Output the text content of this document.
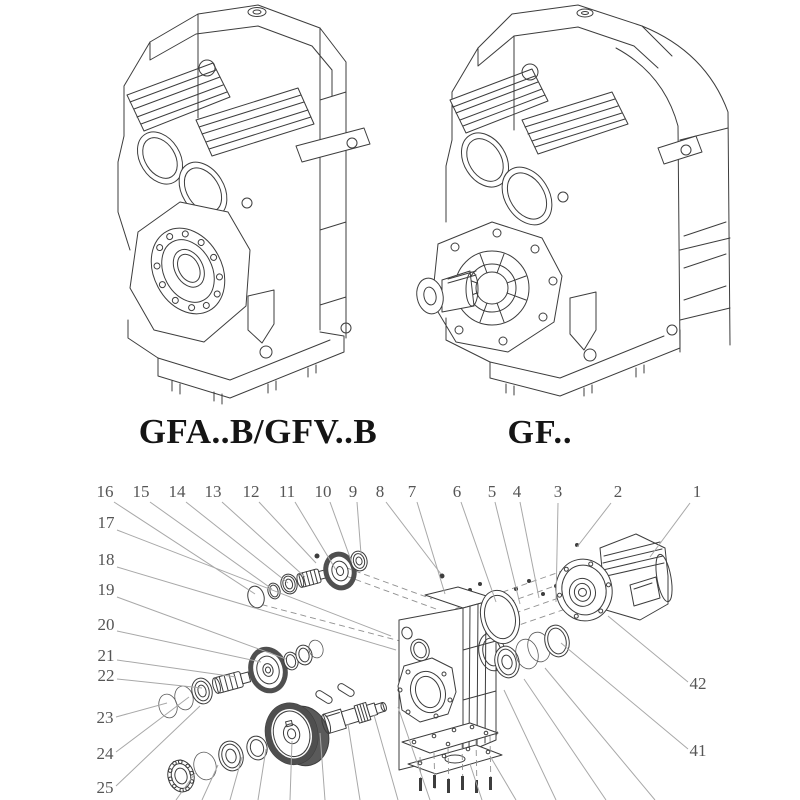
16 15 14 13 12 11 10 9 8 7 6 5 4 3	2	1
17
18
19
20
21
22
23
24
25
42
41
GFA..B/GFV..B	GF..
